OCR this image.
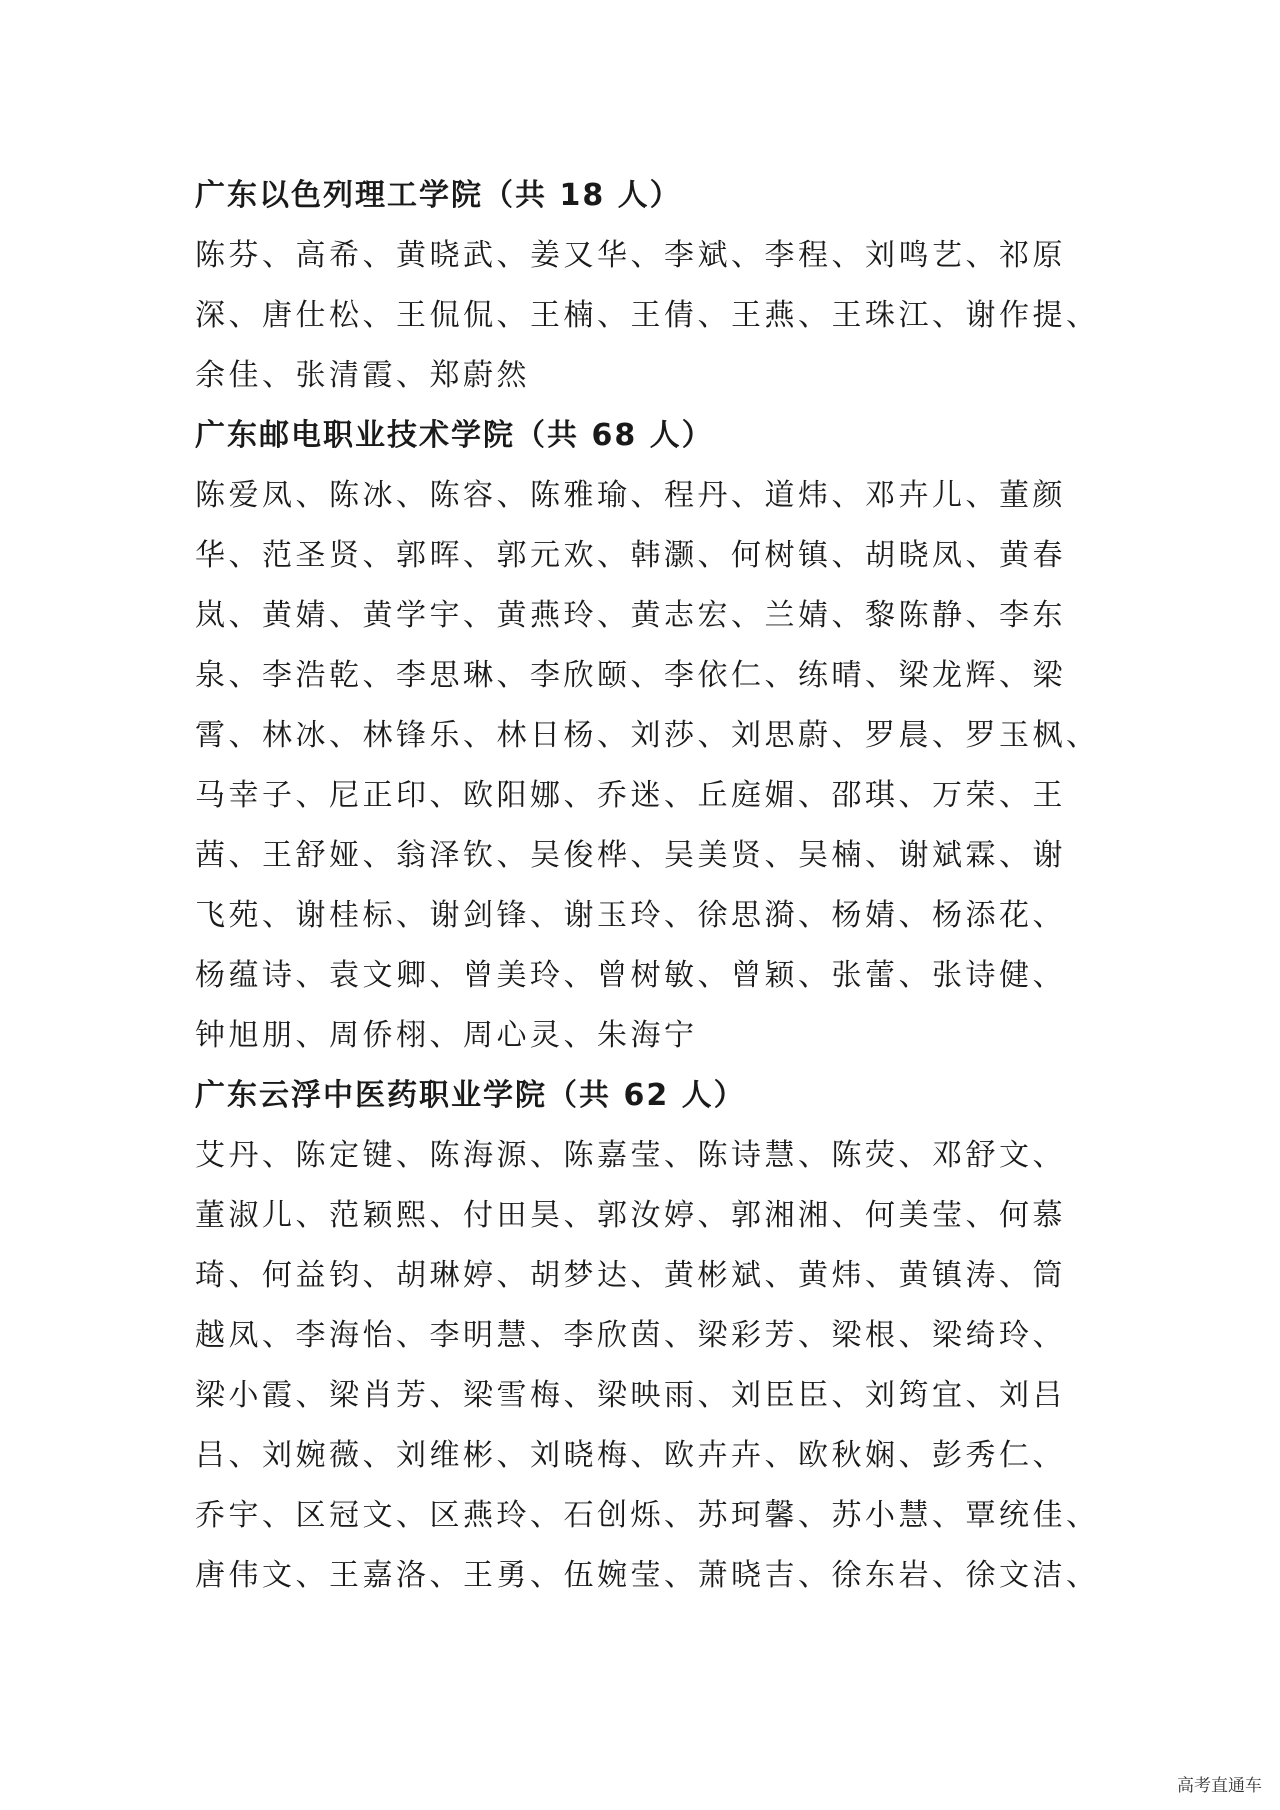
广东以色列理工学院（共 18 人）
陈芬、高希、黄晓武、姜又华、李斌、李程、刘鸣艺、祁原
深、唐仕松、王侃侃、王楠、王倩、王燕、王珠江、谢作提、
余佳、张清霞、郑蔚然
广东邮电职业技术学院（共 68 人）
陈爱凤、陈冰、陈容、陈雅瑜、程丹、道炜、邓卉儿、董颜
华、范圣贤、郭晖、郭元欢、韩灏、何树镇、胡晓凤、黄春
岚、黄婧、黄学宇、黄燕玲、黄志宏、兰婧、黎陈静、李东
泉、李浩乾、李思琳、李欣颐、李依仁、练晴、梁龙辉、梁
霄、林冰、林锋乐、林日杨、刘莎、刘思蔚、罗晨、罗玉枫、
马幸子、尼正印、欧阳娜、乔迷、丘庭媚、邵琪、万荣、王
茜、王舒娅、翁泽钦、吴俊桦、吴美贤、吴楠、谢斌霖、谢
飞苑、谢桂标、谢剑锋、谢玉玲、徐思漪、杨婧、杨添花、
杨蕴诗、袁文卿、曾美玲、曾树敏、曾颖、张蕾、张诗健、
钟旭朋、周侨栩、周心灵、朱海宁
广东云浮中医药职业学院（共 62 人）
艾丹、陈定键、陈海源、陈嘉莹、陈诗慧、陈荧、邓舒文、
董淑儿、范颖熙、付田昊、郭汝婷、郭湘湘、何美莹、何慕
琦、何益钧、胡琳婷、胡梦达、黄彬斌、黄炜、黄镇涛、筒
越凤、李海怡、李明慧、李欣茵、梁彩芳、梁根、梁绮玲、
梁小霞、梁肖芳、梁雪梅、梁映雨、刘臣臣、刘筠宜、刘吕
吕、刘婉薇、刘维彬、刘晓梅、欧卉卉、欧秋娴、彭秀仁、
乔宇、区冠文、区燕玲、石创烁、苏珂馨、苏小慧、覃统佳、
唐伟文、王嘉洛、王勇、伍婉莹、萧晓吉、徐东岩、徐文洁、
高考直通车
